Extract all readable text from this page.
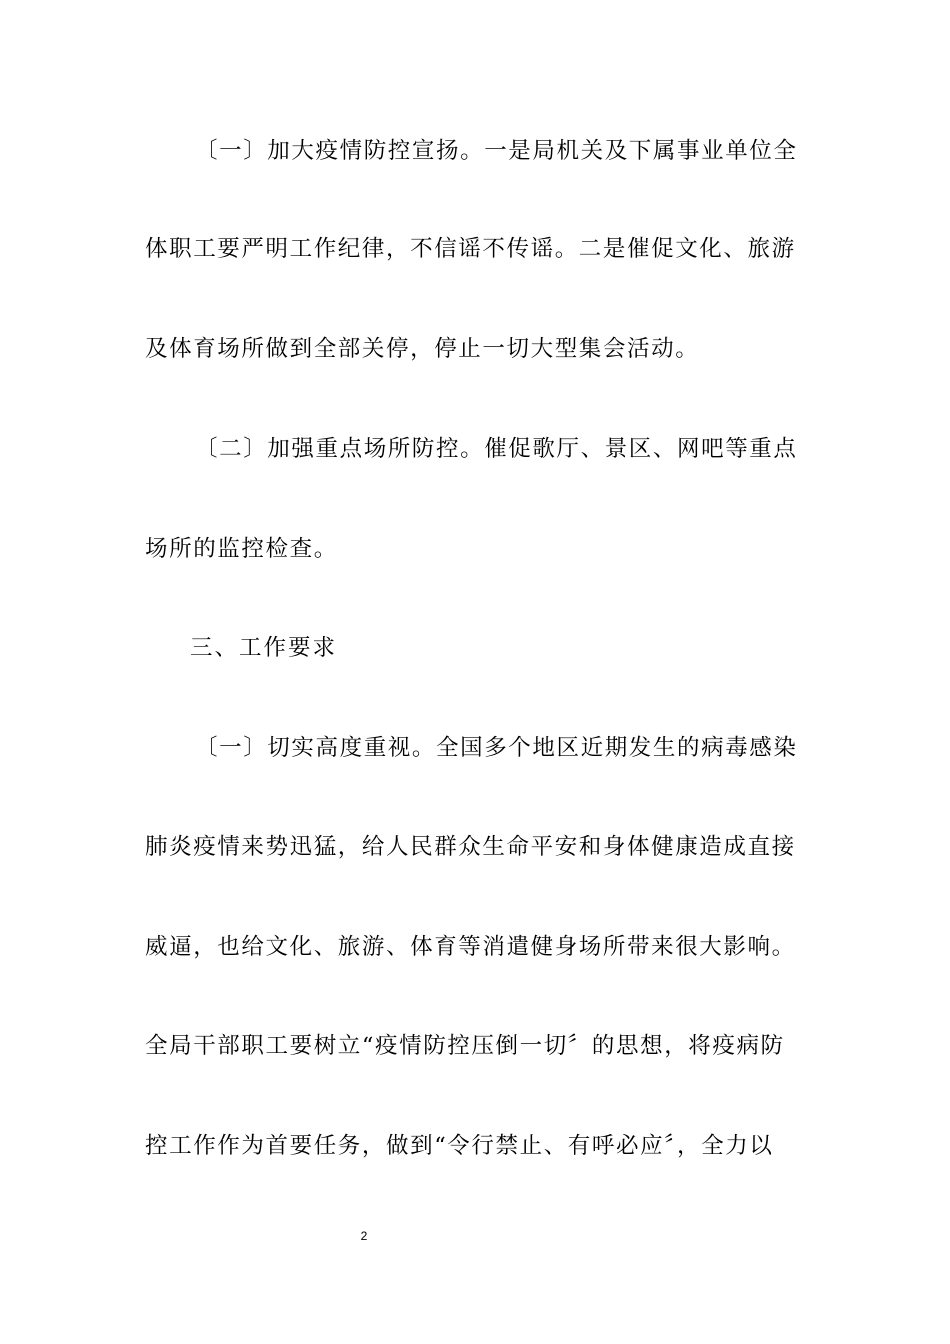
〔一〕加大疫情防控宣扬。一是局机关及下属事业单位全
体职工要严明工作纪律，不信谣不传谣。二是催促文化、旅游
及体育场所做到全部关停，停止一切大型集会活动。
〔二〕加强重点场所防控。催促歌厅、景区、网吧等重点
场所的监控检查。
三、工作要求
〔一〕切实高度重视。全国多个地区近期发生的病毒感染
肺炎疫情来势迅猛，给人民群众生命平安和身体健康造成直接
威逼，也给文化、旅游、体育等消遣健身场所带来很大影响。
全局干部职工要树立“疫情防控压倒一切〞的思想，将疫病防
控工作作为首要任务，做到“令行禁止、有呼必应〞，全力以
2
